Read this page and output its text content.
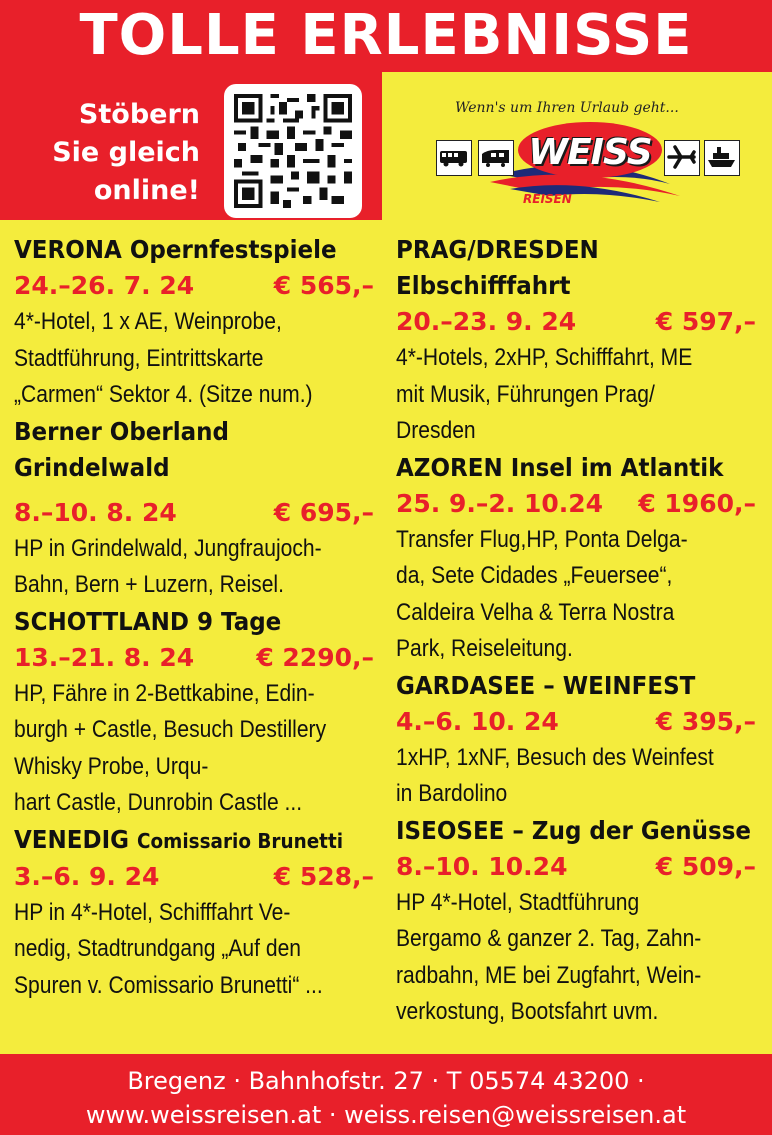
TOLLE ERLEBNISSE
Stöbern
Sie gleich
online!
Wenn's um Ihren Urlaub geht...
WEISS
REISEN
VERONA Opernfestspiele
24.–26. 7. 24	€ 565,–
4*-Hotel, 1 x AE, Weinprobe,
Stadtführung, Eintrittskarte
„Carmen“ Sektor 4. (Sitze num.)
Berner Oberland
Grindelwald
8.–10. 8. 24	€ 695,–
HP in Grindelwald, Jungfraujoch-
Bahn, Bern + Luzern, Reisel.
SCHOTTLAND 9 Tage
13.–21. 8. 24 € 2290,–
HP, Fähre in 2-Bettkabine, Edin-
burgh + Castle, Besuch Destillery
Whisky Probe, Urqu-
hart Castle, Dunrobin Castle ...
VENEDIG Comissario Brunetti
3.–6. 9. 24	€ 528,–
HP in 4*-Hotel, Schifffahrt Ve-
nedig, Stadtrundgang „Auf den
Spuren v. Comissario Brunetti“ ...
PRAG/DRESDEN
Elbschifffahrt
20.–23. 9. 24	€ 597,–
4*-Hotels, 2xHP, Schifffahrt, ME
mit Musik, Führungen Prag/
Dresden
AZOREN Insel im Atlantik
25. 9.–2. 10.24 € 1960,–
Transfer Flug,HP, Ponta Delga-
da, Sete Cidades „Feuersee“,
Caldeira Velha & Terra Nostra
Park, Reiseleitung.
GARDASEE – WEINFEST
4.–6. 10. 24	€ 395,–
1xHP, 1xNF, Besuch des Weinfest
in Bardolino
ISEOSEE – Zug der Genüsse
8.–10. 10.24	€ 509,–
HP 4*-Hotel, Stadtführung
Bergamo & ganzer 2. Tag, Zahn-
radbahn, ME bei Zugfahrt, Wein-
verkostung, Bootsfahrt uvm.
Bregenz · Bahnhofstr. 27 · T 05574 43200 ·
www.weissreisen.at · weiss.reisen@weissreisen.at
